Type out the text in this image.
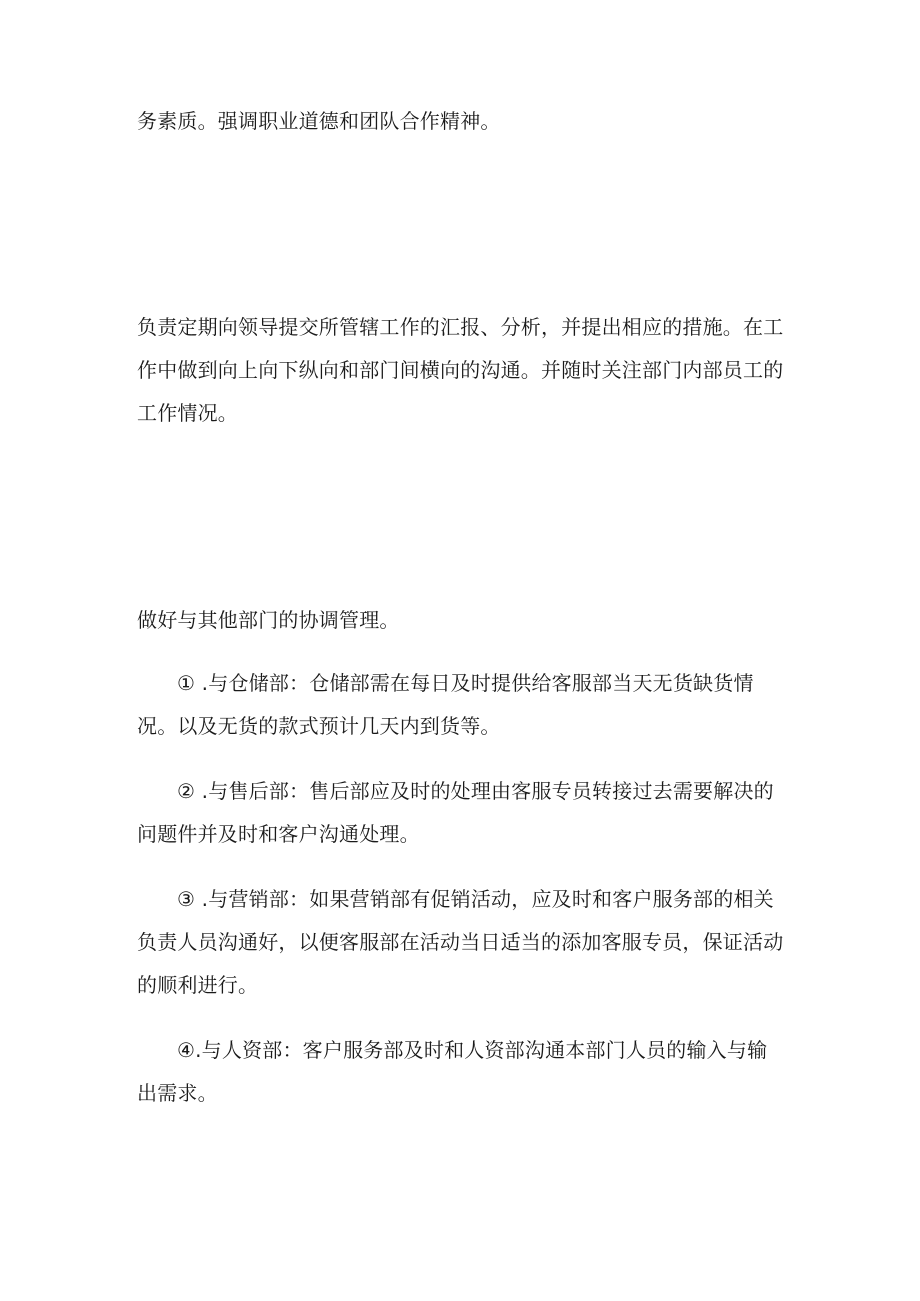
务素质。强调职业道德和团队合作精神。

负责定期向领导提交所管辖工作的汇报、分析，并提出相应的措施。在工作中做到向上向下纵向和部门间横向的沟通。并随时关注部门内部员工的工作情况。

做好与其他部门的协调管理。

① .与仓储部：仓储部需在每日及时提供给客服部当天无货缺货情况。以及无货的款式预计几天内到货等。

② .与售后部：售后部应及时的处理由客服专员转接过去需要解决的问题件并及时和客户沟通处理。

③ .与营销部：如果营销部有促销活动，应及时和客户服务部的相关负责人员沟通好，以便客服部在活动当日适当的添加客服专员，保证活动的顺利进行。

④.与人资部：客户服务部及时和人资部沟通本部门人员的输入与输出需求。
